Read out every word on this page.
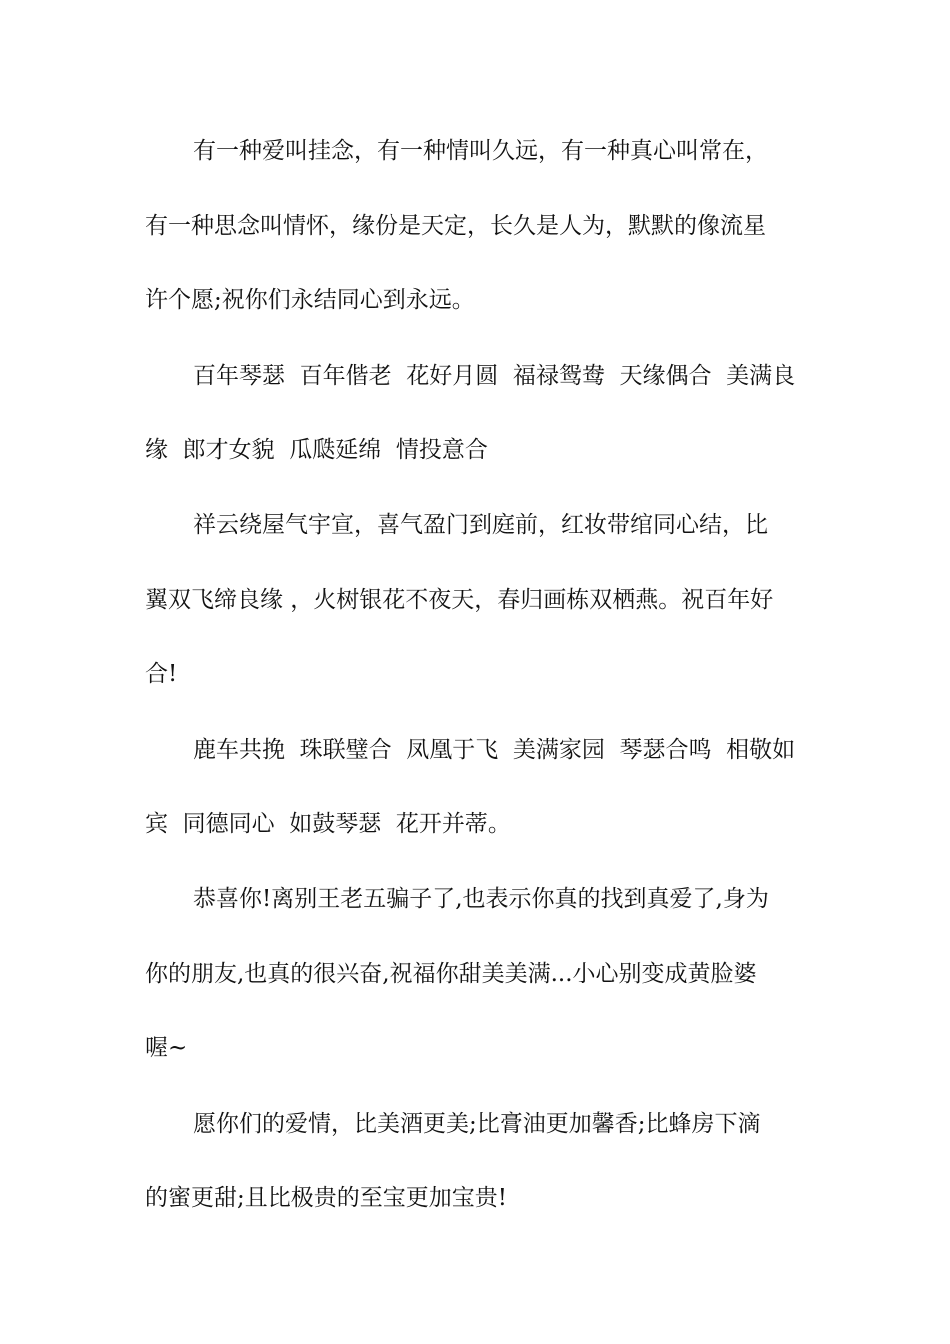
有一种爱叫挂念，有一种情叫久远，有一种真心叫常在，
有一种思念叫情怀，缘份是天定，长久是人为，默默的像流星
许个愿;祝你们永结同心到永远。
百年琴瑟  百年偕老  花好月圆  福禄鸳鸯  天缘偶合  美满良
缘  郎才女貌  瓜瓞延绵  情投意合
祥云绕屋气宇宣，喜气盈门到庭前，红妆带绾同心结，比
翼双飞缔良缘 ，火树银花不夜天，春归画栋双栖燕。祝百年好
合!
鹿车共挽  珠联璧合  凤凰于飞  美满家园  琴瑟合鸣  相敬如
宾  同德同心  如鼓琴瑟  花开并蒂。
恭喜你!离别王老五骗子了,也表示你真的找到真爱了,身为
你的朋友,也真的很兴奋,祝福你甜美美满...小心别变成黄脸婆
喔~
愿你们的爱情，比美酒更美;比膏油更加馨香;比蜂房下滴
的蜜更甜;且比极贵的至宝更加宝贵!
